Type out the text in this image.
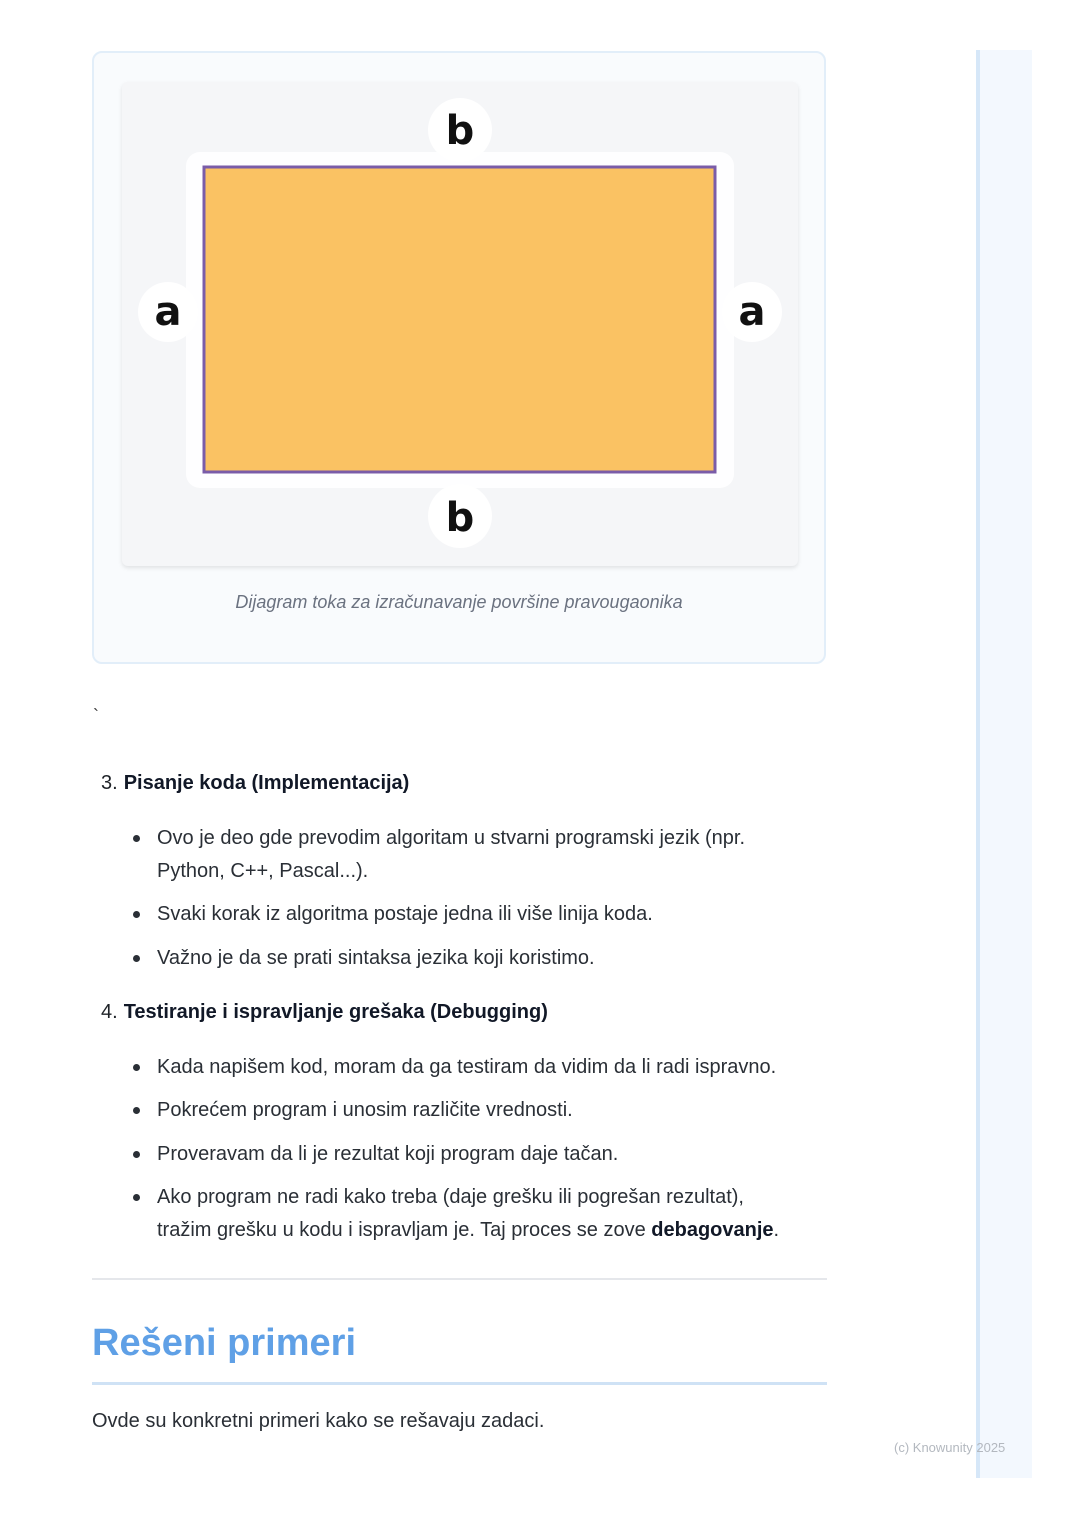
b
b
a	a
Dijagram toka za izračunavanje površine pravougaonika
`
3. Pisanje koda (Implementacija)
Ovo je deo gde prevodim algoritam u stvarni programski jezik (npr.
Python, C++, Pascal...).
Svaki korak iz algoritma postaje jedna ili više linija koda.
Važno je da se prati sintaksa jezika koji koristimo.
4. Testiranje i ispravljanje grešaka (Debugging)
Kada napišem kod, moram da ga testiram da vidim da li radi ispravno.
Pokrećem program i unosim različite vrednosti.
Proveravam da li je rezultat koji program daje tačan.
Ako program ne radi kako treba (daje grešku ili pogrešan rezultat),
tražim grešku u kodu i ispravljam je. Taj proces se zove debagovanje.
Rešeni primeri
Ovde su konkretni primeri kako se rešavaju zadaci.
(c) Knowunity 2025
